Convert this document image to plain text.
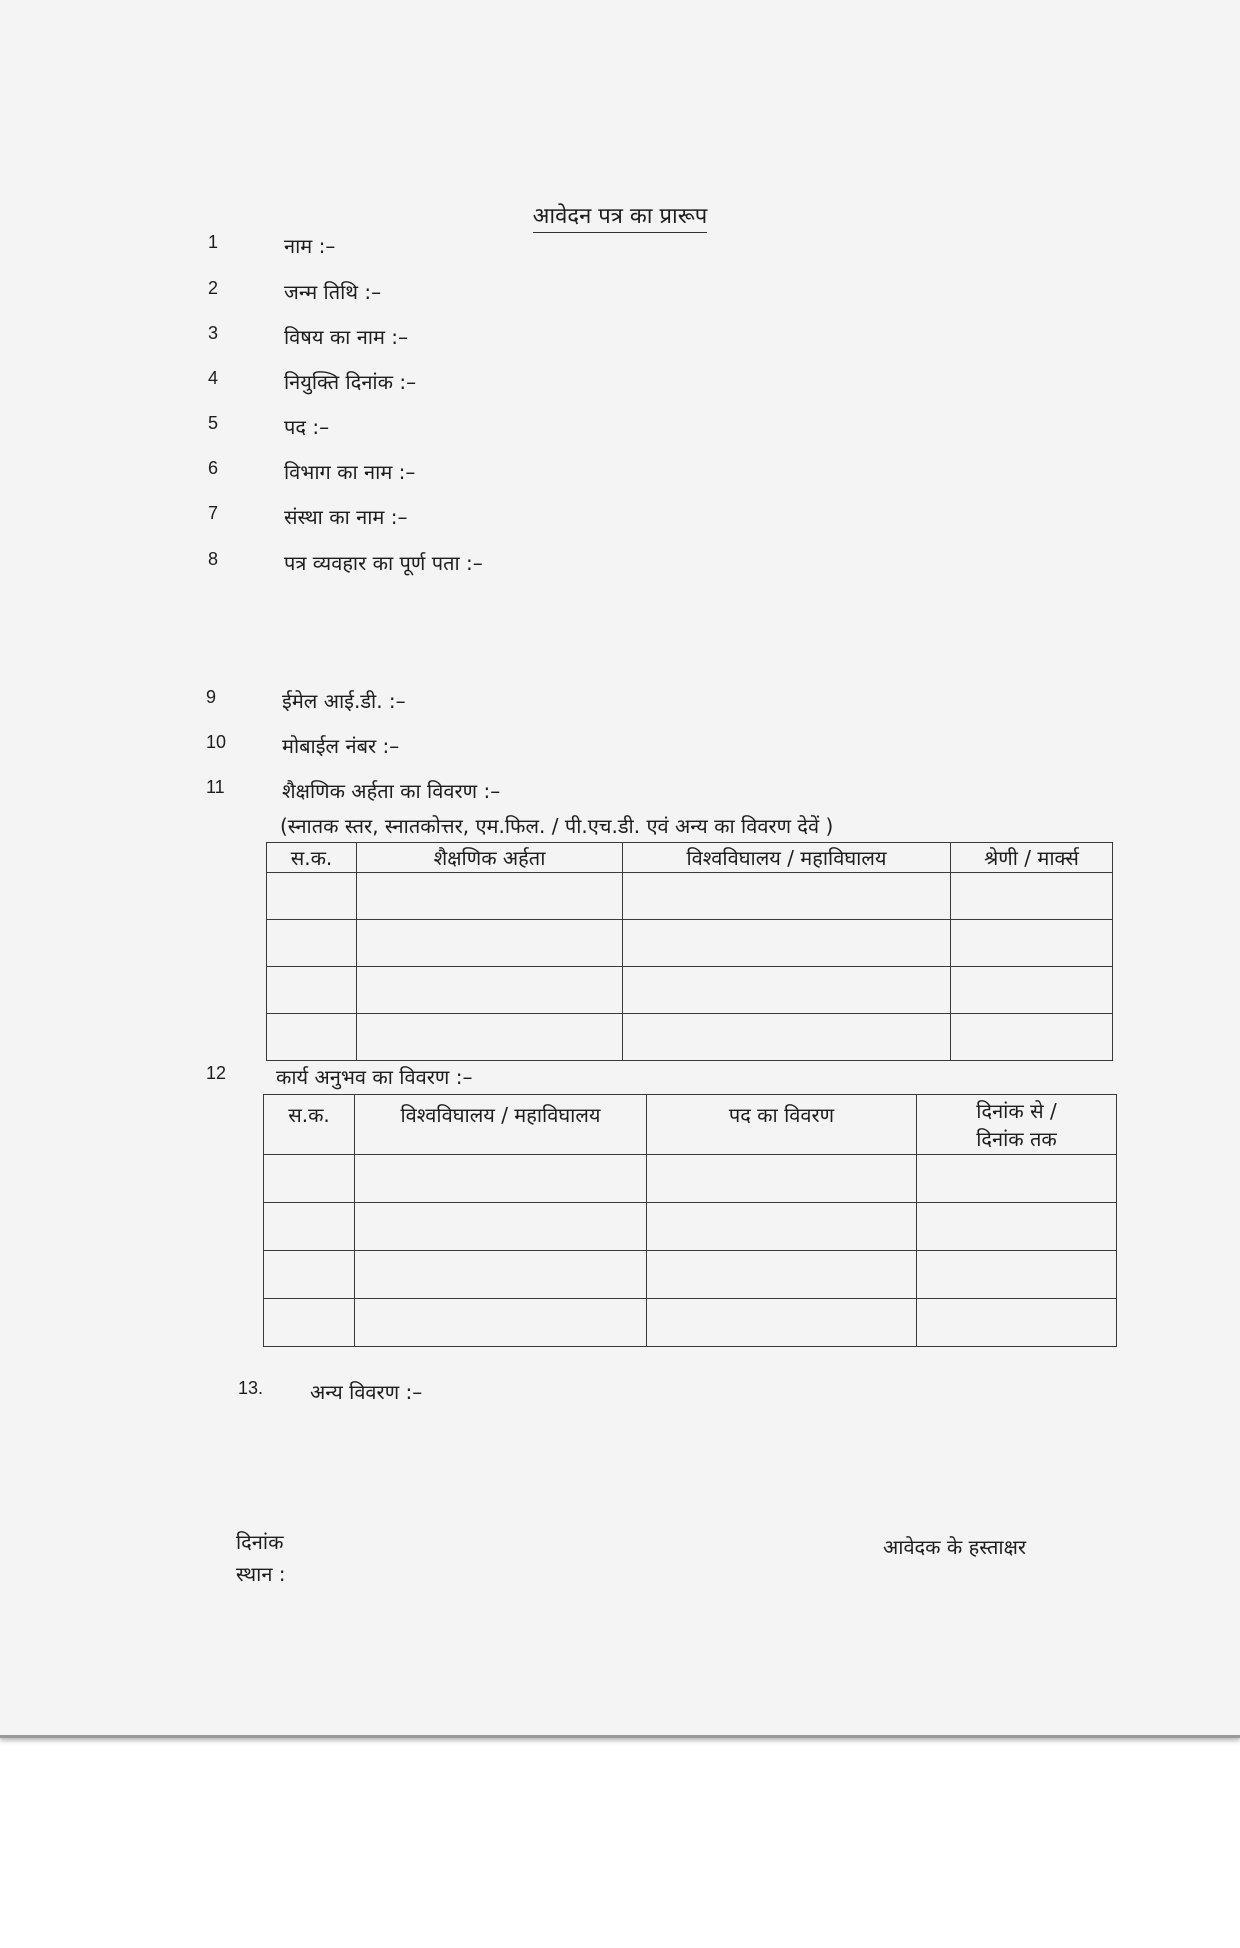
आवेदन पत्र का प्रारूप
1	नाम :–
2	जन्म तिथि :–
3	विषय का नाम :–
4	नियुक्ति दिनांक :–
5	पद :–
6	विभाग का नाम :–
7	संस्था का नाम :–
8	पत्र व्यवहार का पूर्ण पता :–
9	ईमेल आई.डी. :–
10	मोबाईल नंबर :–
11	शैक्षणिक अर्हता का विवरण :–
(स्नातक स्तर, स्नातकोत्तर, एम.फिल. / पी.एच.डी. एवं अन्य का विवरण देवें )
स.क.	शैक्षणिक अर्हता	विश्वविघालय / महाविघालय	श्रेणी / मार्क्स

12 कार्य अनुभव का विवरण :–
स.क.	विश्वविघालय / महाविघालय	पद का विवरण	दिनांक से /
दिनांक तक

13. अन्य विवरण :–
दिनांक
स्थान :
आवेदक के हस्ताक्षर
